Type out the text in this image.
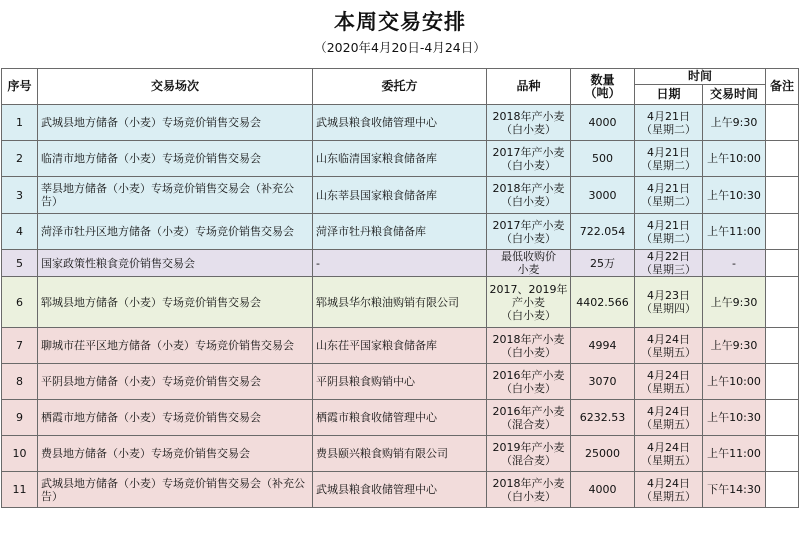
本周交易安排
（2020年4月20日-4月24日）
序号	交易场次	委托方	品种	数量
（吨）	时间		备注
					日期	交易时间	
1	武城县地方储备（小麦）专场竞价销售交易会	武城县粮食收储管理中心	2018年产小麦
（白小麦）	4000	4月21日
（星期二）	上午9:30	
2	临清市地方储备（小麦）专场竞价销售交易会	山东临清国家粮食储备库	2017年产小麦
（白小麦）	500	4月21日
（星期二）	上午10:00	
3	莘县地方储备（小麦）专场竞价销售交易会（补充公告）	山东莘县国家粮食储备库	2018年产小麦
（白小麦）	3000	4月21日
（星期二）	上午10:30	
4	菏泽市牡丹区地方储备（小麦）专场竞价销售交易会	菏泽市牡丹粮食储备库	2017年产小麦
（白小麦）	722.054	4月21日
（星期二）	上午11:00	
5	国家政策性粮食竞价销售交易会	-	最低收购价
小麦	25万	4月22日
（星期三）	-	
6	郓城县地方储备（小麦）专场竞价销售交易会	郓城县华尔粮油购销有限公司	2017、2019年
产小麦
（白小麦）	4402.566	4月23日
（星期四）	上午9:30	
7	聊城市茌平区地方储备（小麦）专场竞价销售交易会	山东茌平国家粮食储备库	2018年产小麦
（白小麦）	4994	4月24日
（星期五）	上午9:30	
8	平阴县地方储备（小麦）专场竞价销售交易会	平阴县粮食购销中心	2016年产小麦
（白小麦）	3070	4月24日
（星期五）	上午10:00	
9	栖霞市地方储备（小麦）专场竞价销售交易会	栖霞市粮食收储管理中心	2016年产小麦
（混合麦）	6232.53	4月24日
（星期五）	上午10:30	
10	费县地方储备（小麦）专场竞价销售交易会	费县颐兴粮食购销有限公司	2019年产小麦
（混合麦）	25000	4月24日
（星期五）	上午11:00	
11	武城县地方储备（小麦）专场竞价销售交易会（补充公告）	武城县粮食收储管理中心	2018年产小麦
（白小麦）	4000	4月24日
（星期五）	下午14:30	
